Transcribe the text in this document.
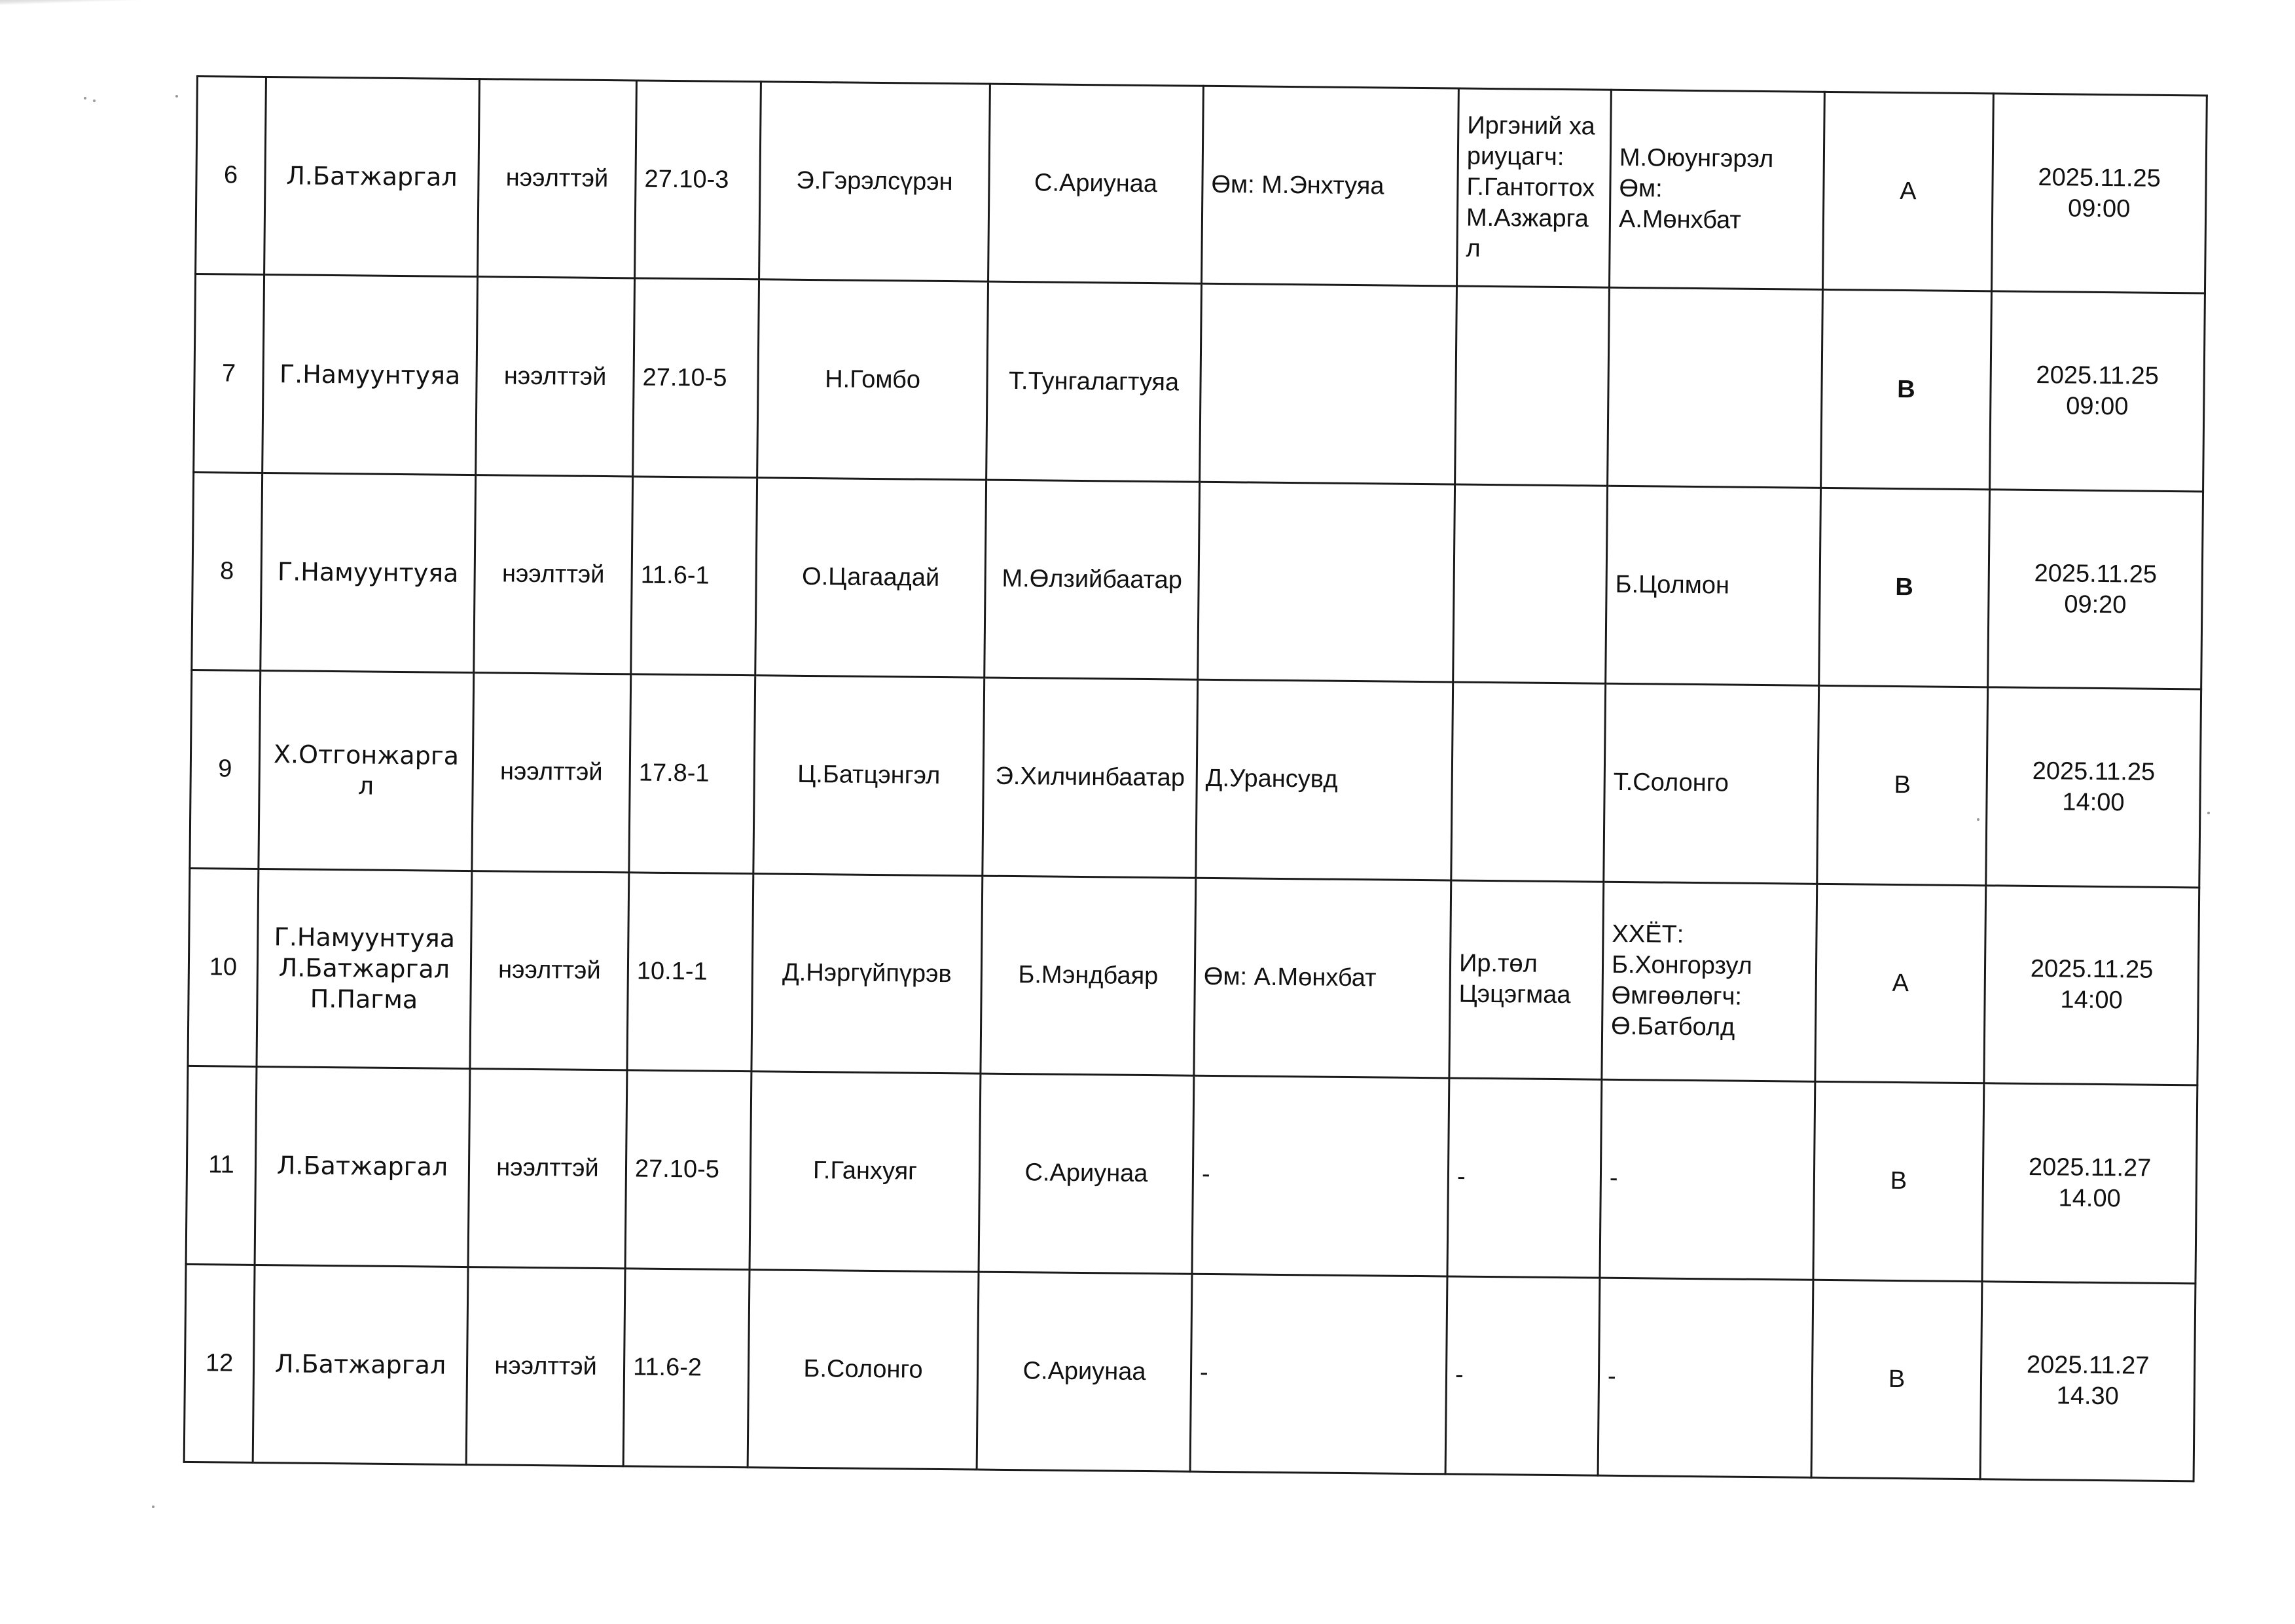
6	Л.Батжаргал	нээлттэй	27.10-3	Э.Гэрэлсүрэн	С.Ариунаа	Өм: М.Энхтуяа	Иргэний хариуцагч:
Г.Гантогтох
М.Азжаргал	М.Оюунгэрэл
Өм:
А.Мөнхбат	А	2025.11.25
09:00

7	Г.Намуунтуяа	нээлттэй	27.10-5	Н.Гомбо	Т.Тунгалагтуяа				В	2025.11.25
09:00

8	Г.Намуунтуяа	нээлттэй	11.6-1	О.Цагаадай	М.Өлзийбаатар			Б.Цолмон	В	2025.11.25
09:20

9	Х.Отгонжаргал	нээлттэй	17.8-1	Ц.Батцэнгэл	Э.Хилчинбаатар	Д.Урансувд		Т.Солонго	В	2025.11.25
14:00

10	Г.Намуунтуяа
Л.Батжаргал
П.Пагма	нээлттэй	10.1-1	Д.Нэргүйпүрэв	Б.Мэндбаяр	Өм: А.Мөнхбат	Ир.төл
Цэцэгмаа	ХХЁТ:
Б.Хонгорзул
Өмгөөлөгч:
Ө.Батболд	А	2025.11.25
14:00

11	Л.Батжаргал	нээлттэй	27.10-5	Г.Ганхуяг	С.Ариунаа	-	-	-	В	2025.11.27
14.00

12	Л.Батжаргал	нээлттэй	11.6-2	Б.Солонго	С.Ариунаа	-	-	-	В	2025.11.27
14.30
